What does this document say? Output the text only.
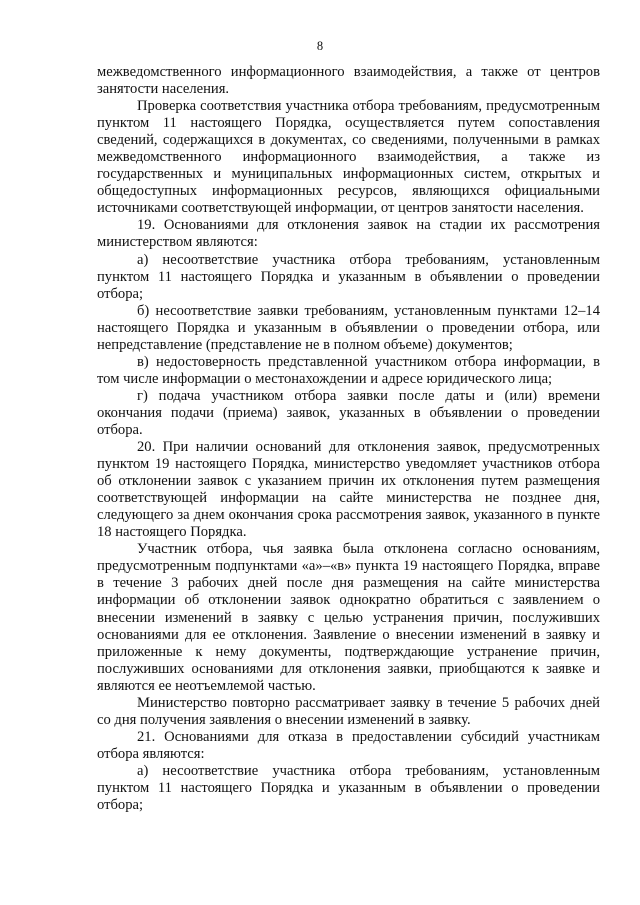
8

межведомственного информационного взаимодействия, а также от центров занятости населения.

Проверка соответствия участника отбора требованиям, предусмотренным пунктом 11 настоящего Порядка, осуществляется путем сопоставления сведений, содержащихся в документах, со сведениями, полученными в рамках межведомственного информационного взаимодействия, а также из государственных и муниципальных информационных систем, открытых и общедоступных информационных ресурсов, являющихся официальными источниками соответствующей информации, от центров занятости населения.

19. Основаниями для отклонения заявок на стадии их рассмотрения министерством являются:

а) несоответствие участника отбора требованиям, установленным пунктом 11 настоящего Порядка и указанным в объявлении о проведении отбора;

б) несоответствие заявки требованиям, установленным пунктами 12–14 настоящего Порядка и указанным в объявлении о проведении отбора, или непредставление (представление не в полном объеме) документов;

в) недостоверность представленной участником отбора информации, в том числе информации о местонахождении и адресе юридического лица;

г) подача участником отбора заявки после даты и (или) времени окончания подачи (приема) заявок, указанных в объявлении о проведении отбора.

20. При наличии оснований для отклонения заявок, предусмотренных пунктом 19 настоящего Порядка, министерство уведомляет участников отбора об отклонении заявок с указанием причин их отклонения путем размещения соответствующей информации на сайте министерства не позднее дня, следующего за днем окончания срока рассмотрения заявок, указанного в пункте 18 настоящего Порядка.

Участник отбора, чья заявка была отклонена согласно основаниям, предусмотренным подпунктами «а»–«в» пункта 19 настоящего Порядка, вправе в течение 3 рабочих дней после дня размещения на сайте министерства информации об отклонении заявок однократно обратиться с заявлением о внесении изменений в заявку с целью устранения причин, послуживших основаниями для ее отклонения. Заявление о внесении изменений в заявку и приложенные к нему документы, подтверждающие устранение причин, послуживших основаниями для отклонения заявки, приобщаются к заявке и являются ее неотъемлемой частью.

Министерство повторно рассматривает заявку в течение 5 рабочих дней со дня получения заявления о внесении изменений в заявку.

21. Основаниями для отказа в предоставлении субсидий участникам отбора являются:

а) несоответствие участника отбора требованиям, установленным пунктом 11 настоящего Порядка и указанным в объявлении о проведении отбора;
